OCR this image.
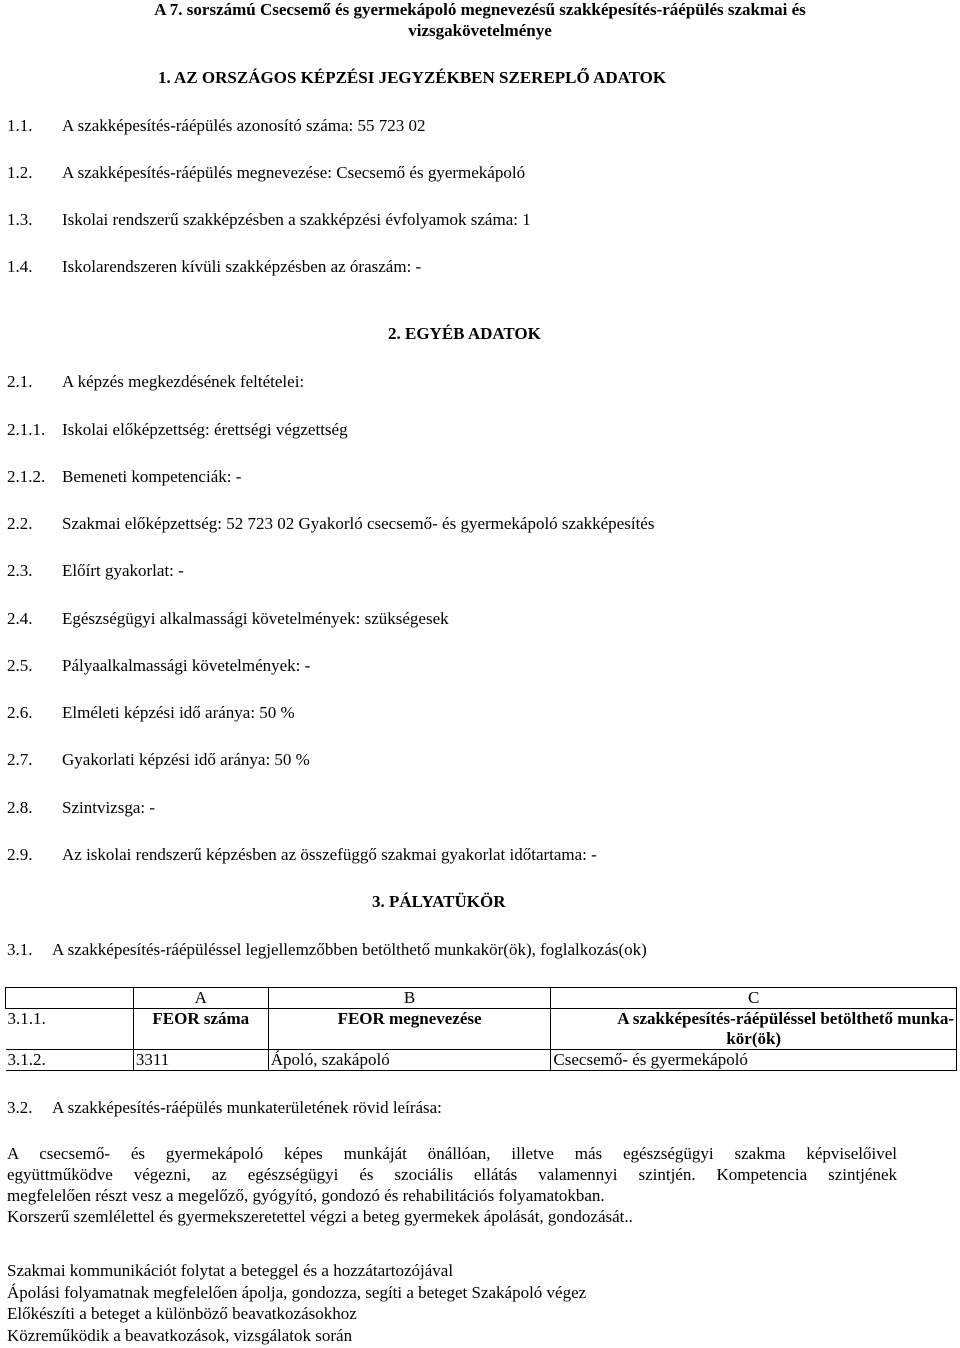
A 7. sorszámú Csecsemő és gyermekápoló megnevezésű szakképesítés-ráépülés szakmai és
vizsgakövetelménye
1. AZ ORSZÁGOS KÉPZÉSI JEGYZÉKBEN SZEREPLŐ ADATOK
1.1. A szakképesítés-ráépülés azonosító száma: 55 723 02
1.2. A szakképesítés-ráépülés megnevezése: Csecsemő és gyermekápoló
1.3. Iskolai rendszerű szakképzésben a szakképzési évfolyamok száma: 1
1.4. Iskolarendszeren kívüli szakképzésben az óraszám: -
2. EGYÉB ADATOK
2.1. A képzés megkezdésének feltételei:
2.1.1. Iskolai előképzettség: érettségi végzettség
2.1.2. Bemeneti kompetenciák: -
2.2. Szakmai előképzettség: 52 723 02 Gyakorló csecsemő- és gyermekápoló szakképesítés
2.3. Előírt gyakorlat: -
2.4. Egészségügyi alkalmassági követelmények: szükségesek
2.5. Pályaalkalmassági követelmények: -
2.6. Elméleti képzési idő aránya: 50 %
2.7. Gyakorlati képzési idő aránya: 50 %
2.8. Szintvizsga: -
2.9. Az iskolai rendszerű képzésben az összefüggő szakmai gyakorlat időtartama: -
3. PÁLYATÜKÖR
3.1. A szakképesítés-ráépüléssel legjellemzőbben betölthető munkakör(ök), foglalkozás(ok)
	A	B	C
3.1.1.	FEOR száma	FEOR megnevezése	A szakképesítés-ráépüléssel betölthető munka-
kör(ök)

3.1.2.	3311	Ápoló, szakápoló	Csecsemő- és gyermekápoló
3.2. A szakképesítés-ráépülés munkaterületének rövid leírása:
A csecsemő- és gyermekápoló képes munkáját önállóan, illetve más egészségügyi szakma képviselőivel
együttműködve végezni, az egészségügyi és szociális ellátás valamennyi szintjén. Kompetencia szintjének
megfelelően részt vesz a megelőző, gyógyító, gondozó és rehabilitációs folyamatokban.
Korszerű szemlélettel és gyermekszeretettel végzi a beteg gyermekek ápolását, gondozását..
Szakmai kommunikációt folytat a beteggel és a hozzátartozójával
Ápolási folyamatnak megfelelően ápolja, gondozza, segíti a beteget Szakápoló végez
Előkészíti a beteget a különböző beavatkozásokhoz
Közreműködik a beavatkozások, vizsgálatok során
